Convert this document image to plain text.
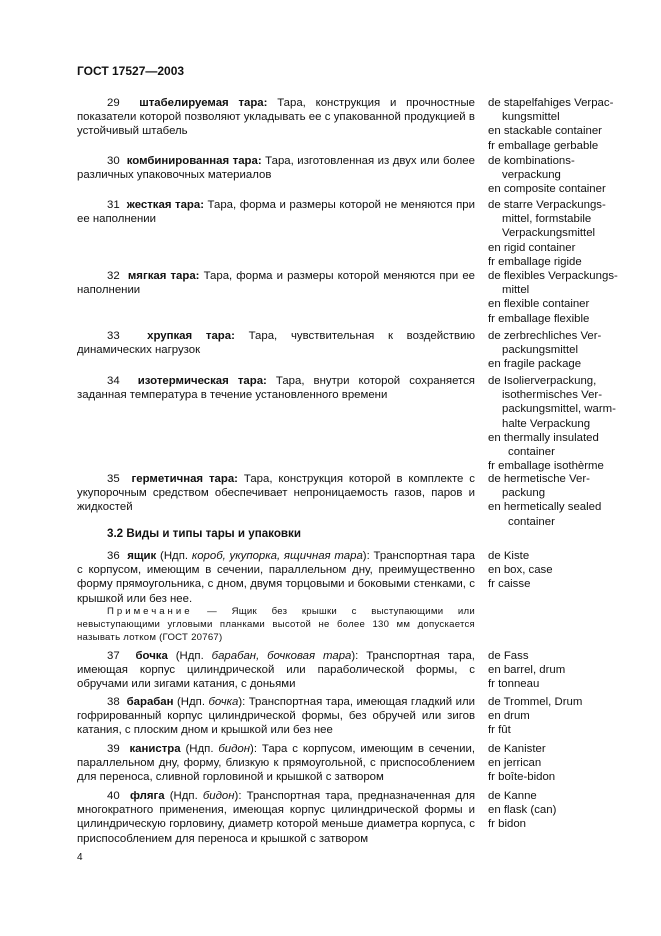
ГОСТ 17527—2003
29 штабелируемая тара: Тара, конструкция и прочностные показатели которой позволяют укладывать ее с упакованной продукцией в устойчивый штабель
de stapelfahiges Verpac-
kungsmittel
en stackable container
fr emballage gerbable
30 комбинированная тара: Тара, изготовленная из двух или более различных упаковочных материалов
de kombinations-
verpackung
en composite container
31 жесткая тара: Тара, форма и размеры которой не меняются при ее наполнении
de starre Verpackungs-
mittel, formstabile
Verpackungsmittel
en rigid container
fr emballage rigide
32 мягкая тара: Тара, форма и размеры которой меняются при ее наполнении
de flexibles Verpackungs-
mittel
en flexible container
fr emballage flexible
33 хрупкая тара: Тара, чувствительная к воздействию динамических нагрузок
de zerbrechliches Ver-
packungsmittel
en fragile package
34 изотермическая тара: Тара, внутри которой сохраняется заданная температура в течение установленного времени
de Isolierverpackung,
isothermisches Ver-
packungsmittel, warm-
halte Verpackung
en thermally insulated
container
fr emballage isothèrme
35 герметичная тара: Тара, конструкция которой в комплекте с укупорочным средством обеспечивает непроницаемость газов, паров и жидкостей
de hermetische Ver-
packung
en hermetically sealed
container
3.2 Виды и типы тары и упаковки
36 ящик (Ндп. короб, укупорка, ящичная тара): Транспортная тара с корпусом, имеющим в сечении, параллельном дну, преимущественно форму прямоугольника, с дном, двумя торцовыми и боковыми стенками, с крышкой или без нее.
de Kiste
en box, case
fr caisse
Примечание — Ящик без крышки с выступающими или невыступающими угловыми планками высотой не более 130 мм допускается называть лотком (ГОСТ 20767)
37 бочка (Ндп. барабан, бочковая тара): Транспортная тара, имеющая корпус цилиндрической или параболической формы, с обручами или зигами катания, с доньями
de Fass
en barrel, drum
fr tonneau
38 барабан (Ндп. бочка): Транспортная тара, имеющая гладкий или гофрированный корпус цилиндрической формы, без обручей или зигов катания, с плоским дном и крышкой или без нее
de Trommel, Drum
en drum
fr fût
39 канистра (Ндп. бидон): Тара с корпусом, имеющим в сечении, параллельном дну, форму, близкую к прямоугольной, с приспособлением для переноса, сливной горловиной и крышкой с затвором
de Kanister
en jerrican
fr boîte-bidon
40 фляга (Ндп. бидон): Транспортная тара, предназначенная для многократного применения, имеющая корпус цилиндрической формы и цилиндрическую горловину, диаметр которой меньше диаметра корпуса, с приспособлением для переноса и крышкой с затвором
de Kanne
en flask (can)
fr bidon
4
